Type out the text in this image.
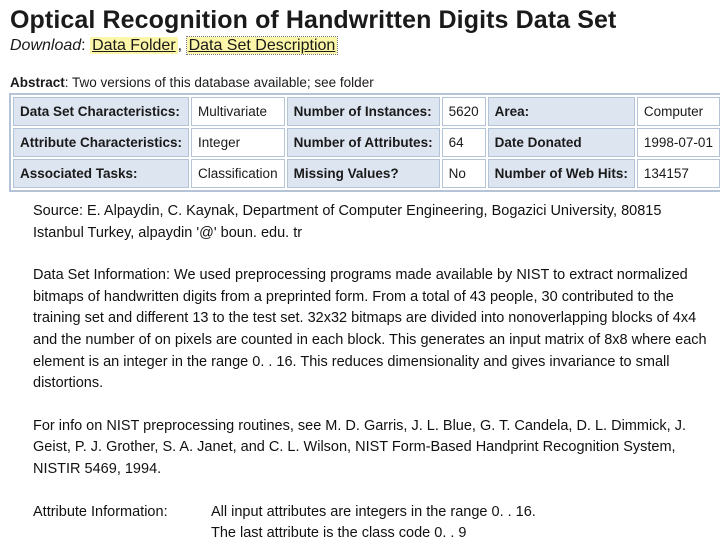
Optical Recognition of Handwritten Digits Data Set
Download: Data Folder , Data Set Description
Abstract: Two versions of this database available; see folder
Data Set Characteristics:	Multivariate	Number of Instances:	5620	Area:	Computer
Attribute Characteristics:	Integer	Number of Attributes:	64	Date Donated	1998-07-01
Associated Tasks:	Classification	Missing Values?	No	Number of Web Hits:	134157

Source: E. Alpaydin, C. Kaynak, Department of Computer Engineering, Bogazici University, 80815 Istanbul Turkey, alpaydin '@' boun. edu. tr

Data Set Information: We used preprocessing programs made available by NIST to extract normalized bitmaps of handwritten digits from a preprinted form. From a total of 43 people, 30 contributed to the training set and different 13 to the test set. 32x32 bitmaps are divided into nonoverlapping blocks of 4x4 and the number of on pixels are counted in each block. This generates an input matrix of 8x8 where each element is an integer in the range 0. . 16. This reduces dimensionality and gives invariance to small distortions.

For info on NIST preprocessing routines, see M. D. Garris, J. L. Blue, G. T. Candela, D. L. Dimmick, J. Geist, P. J. Grother, S. A. Janet, and C. L. Wilson, NIST Form-Based Handprint Recognition System, NISTIR 5469, 1994.

Attribute Information:	All input attributes are integers in the range 0. . 16.
The last attribute is the class code 0. . 9
